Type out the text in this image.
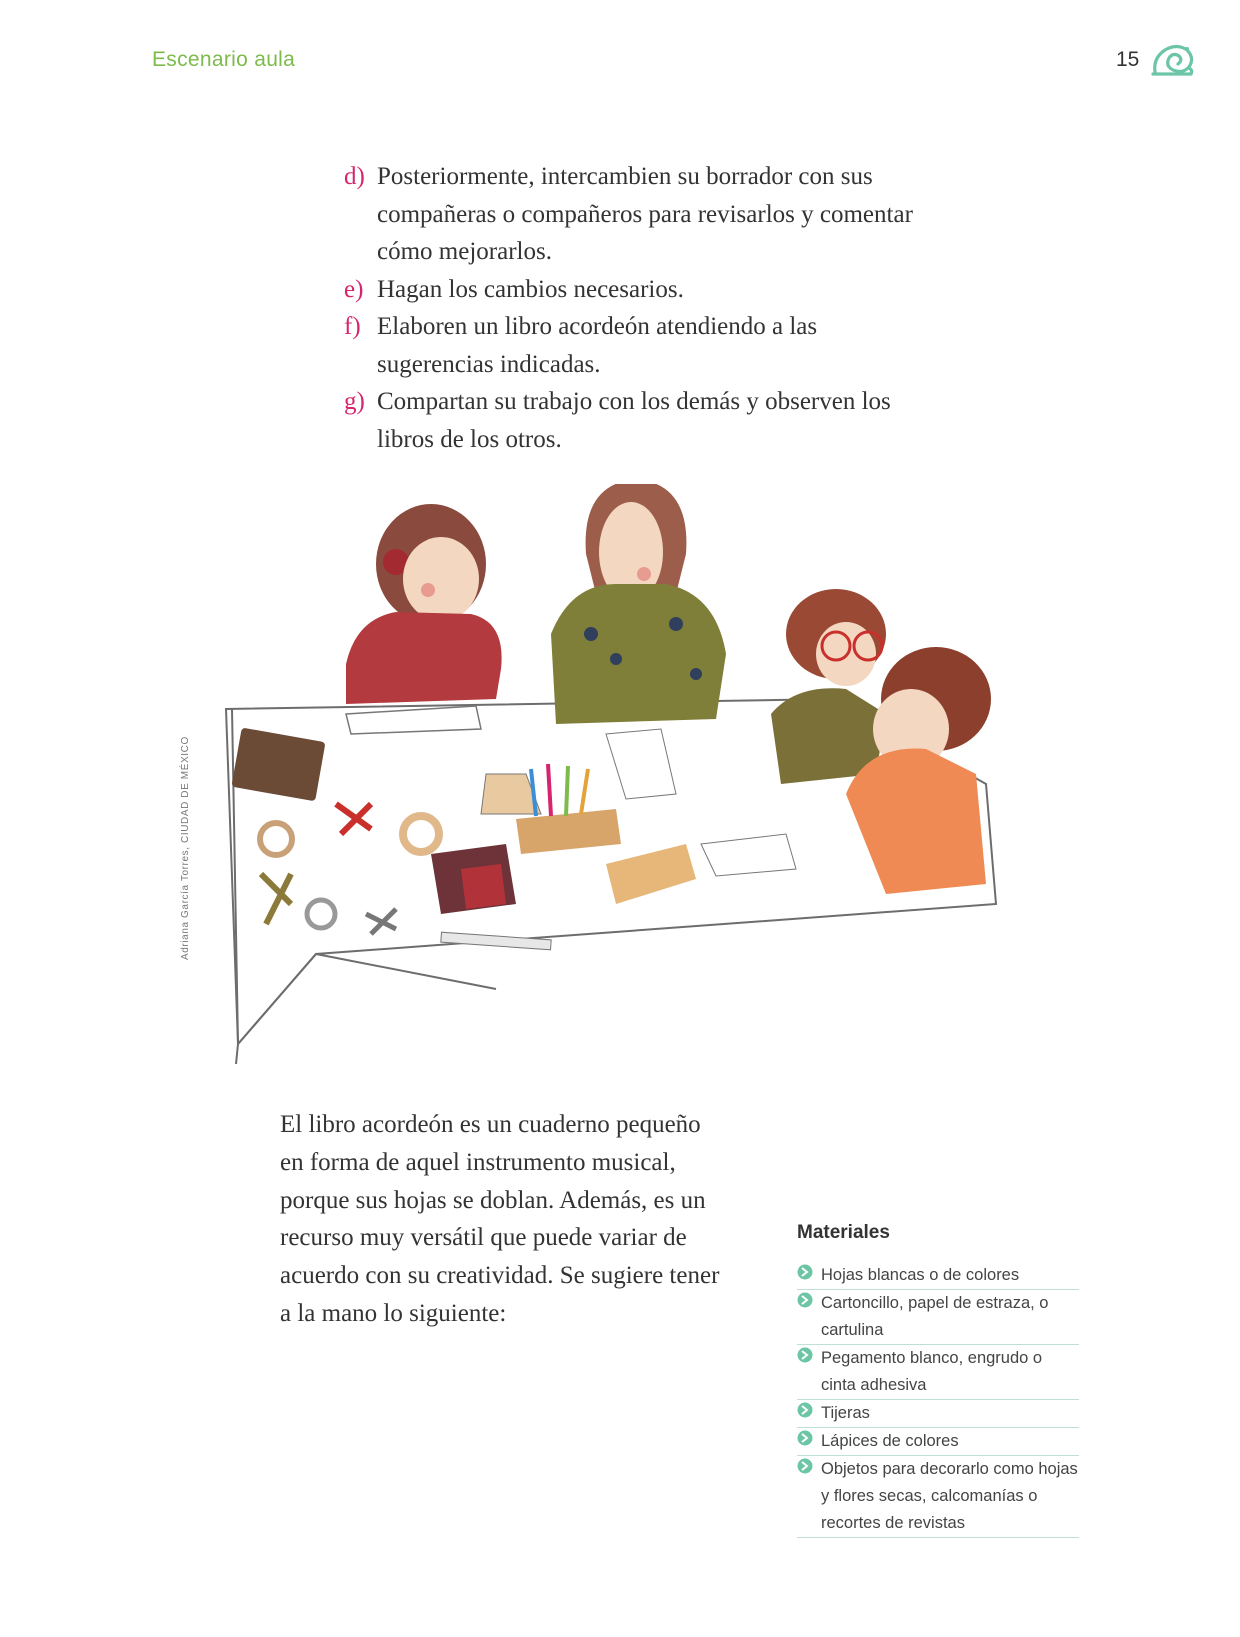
Escenario aula	15
d) Posteriormente, intercambien su borrador con sus compañeras o compañeros para revisarlos y comentar cómo mejorarlos.
e) Hagan los cambios necesarios.
f) Elaboren un libro acordeón atendiendo a las sugerencias indicadas.
g) Compartan su trabajo con los demás y observen los libros de los otros.
Adriana García Torres, CIUDAD DE MÉXICO

El libro acordeón es un cuaderno pequeño en forma de aquel instrumento musical, porque sus hojas se doblan. Además, es un recurso muy versátil que puede variar de acuerdo con su creatividad. Se sugiere tener a la mano lo siguiente:

Materiales
Hojas blancas o de colores
Cartoncillo, papel de estraza, o cartulina
Pegamento blanco, engrudo o cinta adhesiva
Tijeras
Lápices de colores
Objetos para decorarlo como hojas y flores secas, calcomanías o recortes de revistas
